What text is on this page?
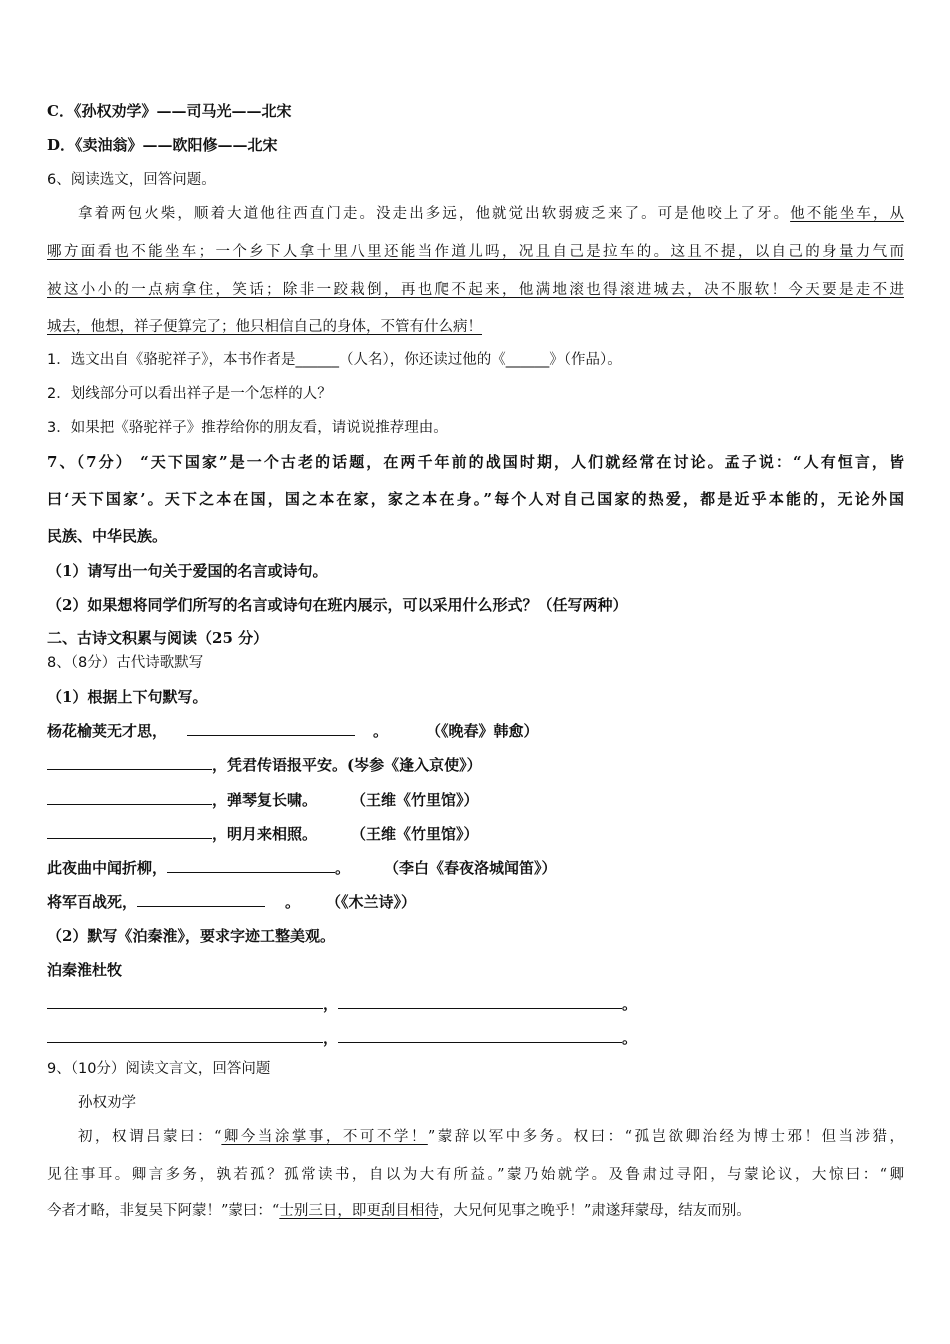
C．《孙权劝学》——司马光——北宋
D．《卖油翁》——欧阳修——北宋
6、阅读选文，回答问题。
拿着两包火柴，顺着大道他往西直门走。没走出多远，他就觉出软弱疲乏来了。可是他咬上了牙。他不能坐车，从
哪方面看也不能坐车；一个乡下人拿十里八里还能当作道儿吗，况且自己是拉车的。这且不提，以自己的身量力气而
被这小小的一点病拿住，笑话；除非一跤栽倒，再也爬不起来，他满地滚也得滚进城去，决不服软！今天要是走不进
城去，他想，祥子便算完了；他只相信自己的身体，不管有什么病！
1．选文出自《骆驼祥子》，本书作者是______（人名），你还读过他的《______》（作品）。
2．划线部分可以看出祥子是一个怎样的人？
3．如果把《骆驼祥子》推荐给你的朋友看，请说说推荐理由。
7、（7分） “天下国家”是一个古老的话题，在两千年前的战国时期，人们就经常在讨论。孟子说：“人有恒言，皆
曰‘天下国家’。天下之本在国，国之本在家，家之本在身。”每个人对自己国家的热爱，都是近乎本能的，无论外国
民族、中华民族。
（1）请写出一句关于爱国的名言或诗句。
（2）如果想将同学们所写的名言或诗句在班内展示，可以采用什么形式？（任写两种）
二、古诗文积累与阅读（25 分）
8、（8分）古代诗歌默写
（1）根据上下句默写。
杨花榆荚无才思，	。	（《晚春》韩愈）
，凭君传语报平安。(岑参《逢入京使》）
，弹琴复长啸。 （王维《竹里馆》）
，明月来相照。 （王维《竹里馆》）
此夜曲中闻折柳，	。 （李白《春夜洛城闻笛》）
将军百战死，	。 （《木兰诗》）
（2）默写《泊秦淮》，要求字迹工整美观。
泊秦淮杜牧
，	。
，	。
9、（10分）阅读文言文，回答问题
孙权劝学
初，权谓吕蒙曰：“卿今当涂掌事，不可不学！”蒙辞以军中多务。权曰：“孤岂欲卿治经为博士邪！但当涉猎，
见往事耳。卿言多务，孰若孤？孤常读书，自以为大有所益。”蒙乃始就学。及鲁肃过寻阳，与蒙论议，大惊曰：“卿
今者才略，非复吴下阿蒙！”蒙曰：“士别三日，即更刮目相待，大兄何见事之晚乎！”肃遂拜蒙母，结友而别。
